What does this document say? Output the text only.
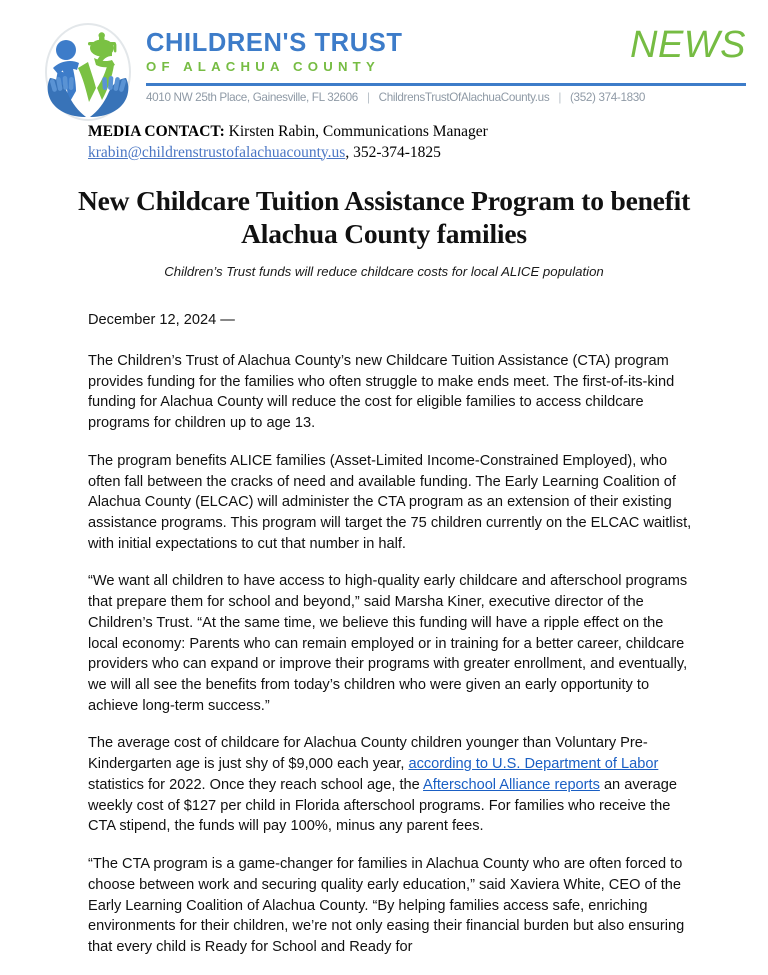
CHILDREN'S TRUST
OF ALACHUA COUNTY
NEWS
4010 NW 25th Place, Gainesville, FL 32606 | ChildrensTrustOfAlachuaCounty.us | (352) 374-1830
MEDIA CONTACT: Kirsten Rabin, Communications Manager
krabin@childrenstrustofalachuacounty.us, 352-374-1825
New Childcare Tuition Assistance Program to benefit Alachua County families
Children’s Trust funds will reduce childcare costs for local ALICE population

December 12, 2024 —

The Children’s Trust of Alachua County’s new Childcare Tuition Assistance (CTA) program provides funding for the families who often struggle to make ends meet. The first-of-its-kind funding for Alachua County will reduce the cost for eligible families to access childcare programs for children up to age 13.

The program benefits ALICE families (Asset-Limited Income-Constrained Employed), who often fall between the cracks of need and available funding. The Early Learning Coalition of Alachua County (ELCAC) will administer the CTA program as an extension of their existing assistance programs. This program will target the 75 children currently on the ELCAC waitlist, with initial expectations to cut that number in half.

“We want all children to have access to high-quality early childcare and afterschool programs that prepare them for school and beyond,” said Marsha Kiner, executive director of the Children’s Trust. “At the same time, we believe this funding will have a ripple effect on the local economy: Parents who can remain employed or in training for a better career, childcare providers who can expand or improve their programs with greater enrollment, and eventually, we will all see the benefits from today’s children who were given an early opportunity to achieve long-term success.”

The average cost of childcare for Alachua County children younger than Voluntary Pre-Kindergarten age is just shy of $9,000 each year, according to U.S. Department of Labor statistics for 2022. Once they reach school age, the Afterschool Alliance reports an average weekly cost of $127 per child in Florida afterschool programs. For families who receive the CTA stipend, the funds will pay 100%, minus any parent fees.

“The CTA program is a game-changer for families in Alachua County who are often forced to choose between work and securing quality early education,” said Xaviera White, CEO of the Early Learning Coalition of Alachua County. “By helping families access safe, enriching environments for their children, we’re not only easing their financial burden but also ensuring that every child is Ready for School and Ready for
